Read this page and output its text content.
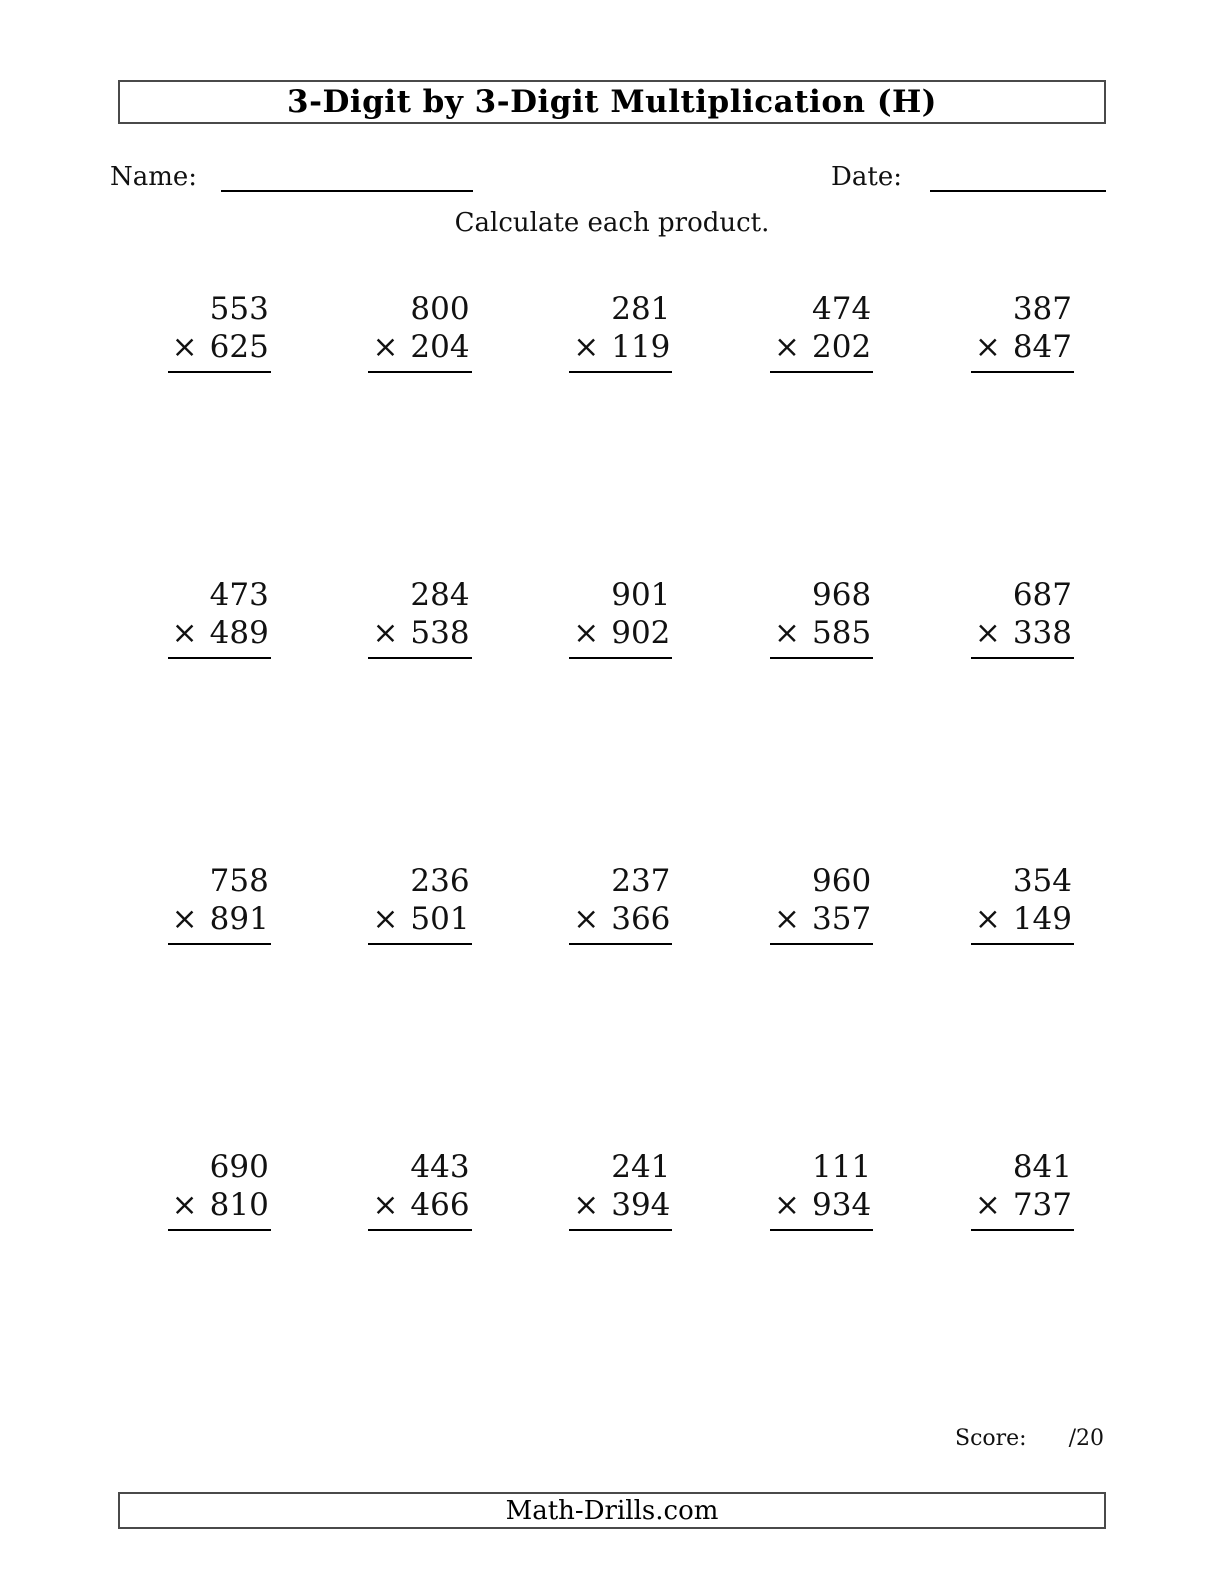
3-Digit by 3-Digit Multiplication (H)
Name:	Date:
Calculate each product.
553
× 625
800
× 204
281
× 119
474
× 202
387
× 847
473
× 489
284
× 538
901
× 902
968
× 585
687
× 338
758
× 891
236
× 501
237
× 366
960
× 357
354
× 149
690
× 810
443
× 466
241
× 394
111
× 934
841
× 737
Score: /20
Math-Drills.com
